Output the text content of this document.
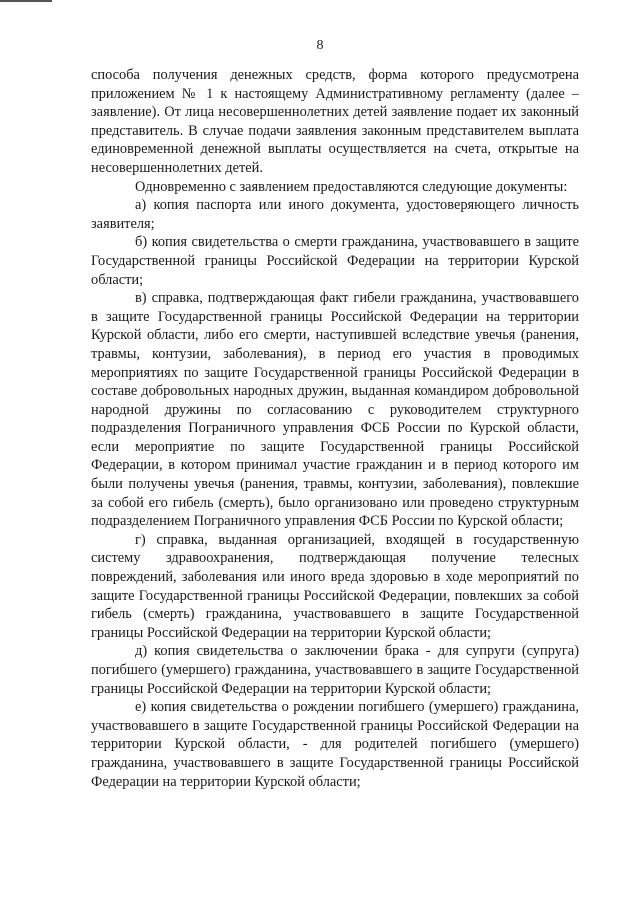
8

способа получения денежных средств, форма которого предусмотрена приложением № 1 к настоящему Административному регламенту (далее – заявление). От лица несовершеннолетних детей заявление подает их законный представитель. В случае подачи заявления законным представителем выплата единовременной денежной выплаты осуществляется на счета, открытые на несовершеннолетних детей.

Одновременно с заявлением предоставляются следующие документы:

а) копия паспорта или иного документа, удостоверяющего личность заявителя;

б) копия свидетельства о смерти гражданина, участвовавшего в защите Государственной границы Российской Федерации на территории Курской области;

в) справка, подтверждающая факт гибели гражданина, участвовавшего в защите Государственной границы Российской Федерации на территории Курской области, либо его смерти, наступившей вследствие увечья (ранения, травмы, контузии, заболевания), в период его участия в проводимых мероприятиях по защите Государственной границы Российской Федерации в составе добровольных народных дружин, выданная командиром добровольной народной дружины по согласованию с руководителем структурного подразделения Пограничного управления ФСБ России по Курской области, если мероприятие по защите Государственной границы Российской Федерации, в котором принимал участие гражданин и в период которого им были получены увечья (ранения, травмы, контузии, заболевания), повлекшие за собой его гибель (смерть), было организовано или проведено структурным подразделением Пограничного управления ФСБ России по Курской области;

г) справка, выданная организацией, входящей в государственную систему здравоохранения, подтверждающая получение телесных повреждений, заболевания или иного вреда здоровью в ходе мероприятий по защите Государственной границы Российской Федерации, повлекших за собой гибель (смерть) гражданина, участвовавшего в защите Государственной границы Российской Федерации на территории Курской области;

д) копия свидетельства о заключении брака - для супруги (супруга) погибшего (умершего) гражданина, участвовавшего в защите Государственной границы Российской Федерации на территории Курской области;

е) копия свидетельства о рождении погибшего (умершего) гражданина, участвовавшего в защите Государственной границы Российской Федерации на территории Курской области, - для родителей погибшего (умершего) гражданина, участвовавшего в защите Государственной границы Российской Федерации на территории Курской области;
